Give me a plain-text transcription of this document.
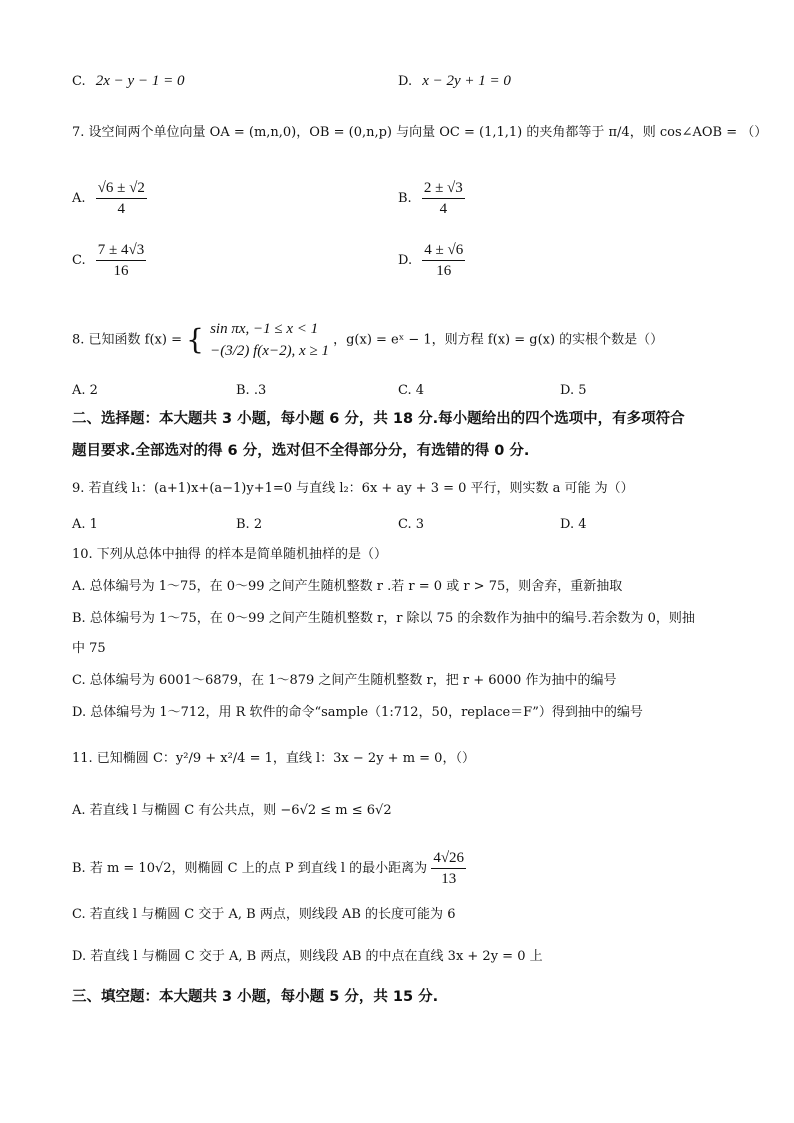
C. 2x − y − 1 = 0	D. x − 2y + 1 = 0
7. 设空间两个单位向量 OA = (m,n,0)，OB = (0,n,p) 与向量 OC = (1,1,1) 的夹角都等于 π/4，则 cos∠AOB = （）
A. $\frac{√6 \pm √2}{4}$	B. $\frac{2 \pm √3}{4}$
C. $\frac{7 \pm 4√3}{16}$	D. $\frac{4 \pm √6}{16}$
8. 已知函数 f(x) = { sin πx, −1 ≤ x < 1
−(3/2) f(x−2), x ≥ 1
，g(x) = eˣ − 1，则方程 f(x) = g(x) 的实根个数是（）
A. 2	B. .3	C. 4	D. 5
二、选择题：本大题共 3 小题，每小题 6 分，共 18 分.每小题给出的四个选项中，有多项符合
题目要求.全部选对的得 6 分，选对但不全得部分分，有选错的得 0 分.
9. 若直线 l₁：(a+1)x+(a−1)y+1=0 与直线 l₂：6x + ay + 3 = 0 平行，则实数 a 可能 为（）
A. 1	B. 2	C. 3	D. 4
10. 下列从总体中抽得 的样本是简单随机抽样的是（）
A. 总体编号为 1～75，在 0～99 之间产生随机整数 r .若 r = 0 或 r > 75，则舍弃，重新抽取
B. 总体编号为 1～75，在 0～99 之间产生随机整数 r，r 除以 75 的余数作为抽中的编号.若余数为 0，则抽
中 75
C. 总体编号为 6001～6879，在 1～879 之间产生随机整数 r，把 r + 6000 作为抽中的编号
D. 总体编号为 1～712，用 R 软件的命令“sample（1:712，50，replace＝F”）得到抽中的编号
11. 已知椭圆 C：y²/9 + x²/4 = 1，直线 l：3x − 2y + m = 0，（）
A. 若直线 l 与椭圆 C 有公共点，则 −6√2 ≤ m ≤ 6√2
B. 若 m = 10√2，则椭圆 C 上的点 P 到直线 l 的最小距离为 $\frac{4√26}{13}$
C. 若直线 l 与椭圆 C 交于 A, B 两点，则线段 AB 的长度可能为 6
D. 若直线 l 与椭圆 C 交于 A, B 两点，则线段 AB 的中点在直线 3x + 2y = 0 上
三、填空题：本大题共 3 小题，每小题 5 分，共 15 分.
